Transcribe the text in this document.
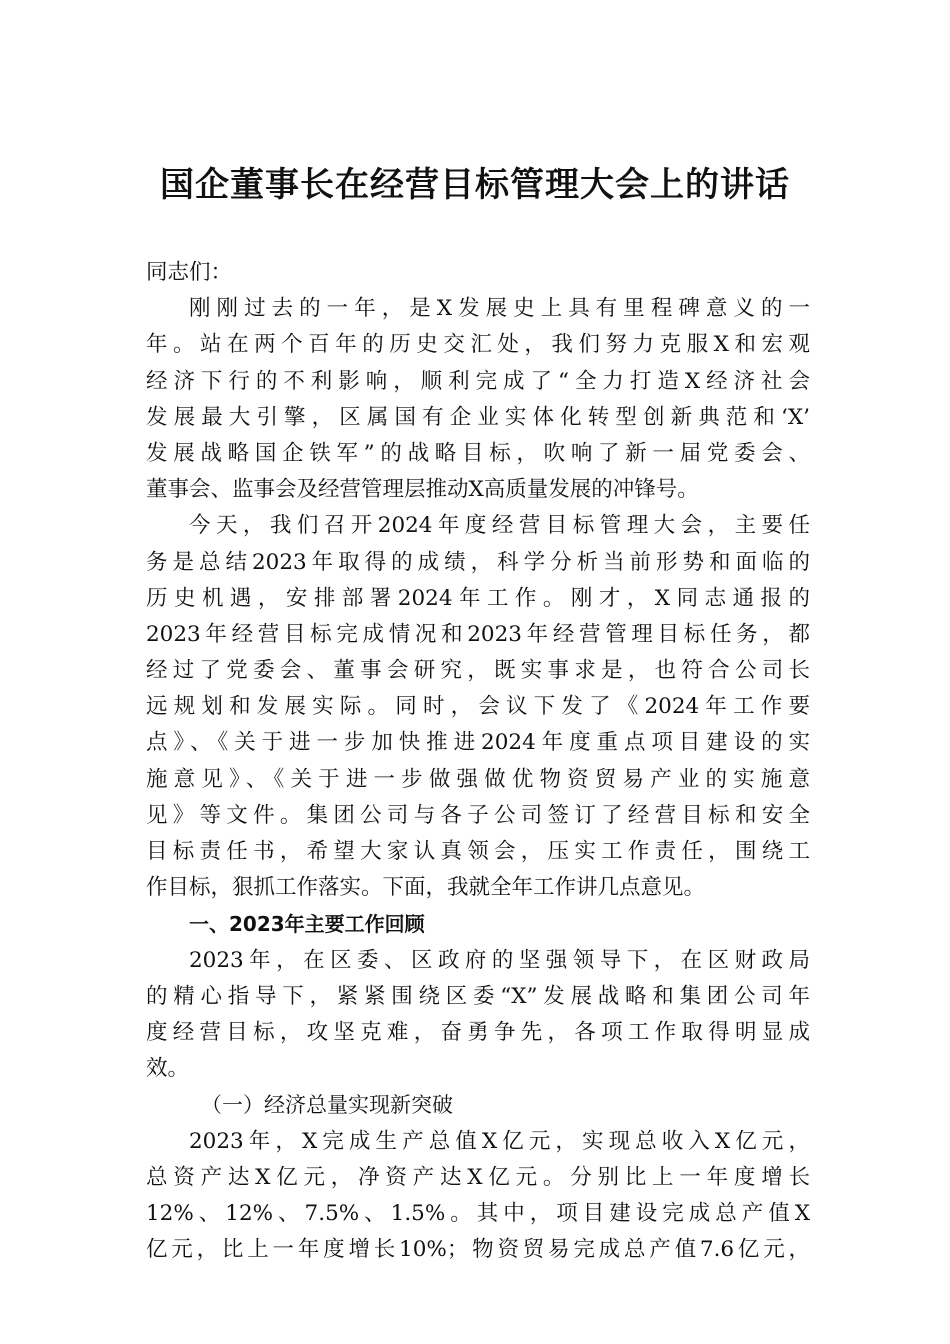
国企董事长在经营目标管理大会上的讲话
同志们：
刚刚过去的一年，是X发展史上具有里程碑意义的一
年。站在两个百年的历史交汇处，我们努力克服X和宏观
经济下行的不利影响，顺利完成了“全力打造X经济社会
发展最大引擎，区属国有企业实体化转型创新典范和‘X’
发展战略国企铁军”的战略目标，吹响了新一届党委会、
董事会、监事会及经营管理层推动X高质量发展的冲锋号。
今天，我们召开2024年度经营目标管理大会，主要任
务是总结2023年取得的成绩，科学分析当前形势和面临的
历史机遇，安排部署2024年工作。刚才，X同志通报的
2023年经营目标完成情况和2023年经营管理目标任务，都
经过了党委会、董事会研究，既实事求是，也符合公司长
远规划和发展实际。同时，会议下发了《2024年工作要
点》、《关于进一步加快推进2024年度重点项目建设的实
施意见》、《关于进一步做强做优物资贸易产业的实施意
见》等文件。集团公司与各子公司签订了经营目标和安全
目标责任书，希望大家认真领会，压实工作责任，围绕工
作目标，狠抓工作落实。下面，我就全年工作讲几点意见。
一、2023年主要工作回顾
2023年，在区委、区政府的坚强领导下，在区财政局
的精心指导下，紧紧围绕区委“X”发展战略和集团公司年
度经营目标，攻坚克难，奋勇争先，各项工作取得明显成
效。
（一）经济总量实现新突破
2023年，X完成生产总值X亿元，实现总收入X亿元，
总资产达X亿元，净资产达X亿元。分别比上一年度增长
12%、12%、7.5%、1.5%。其中，项目建设完成总产值X
亿元，比上一年度增长10%；物资贸易完成总产值7.6亿元，
